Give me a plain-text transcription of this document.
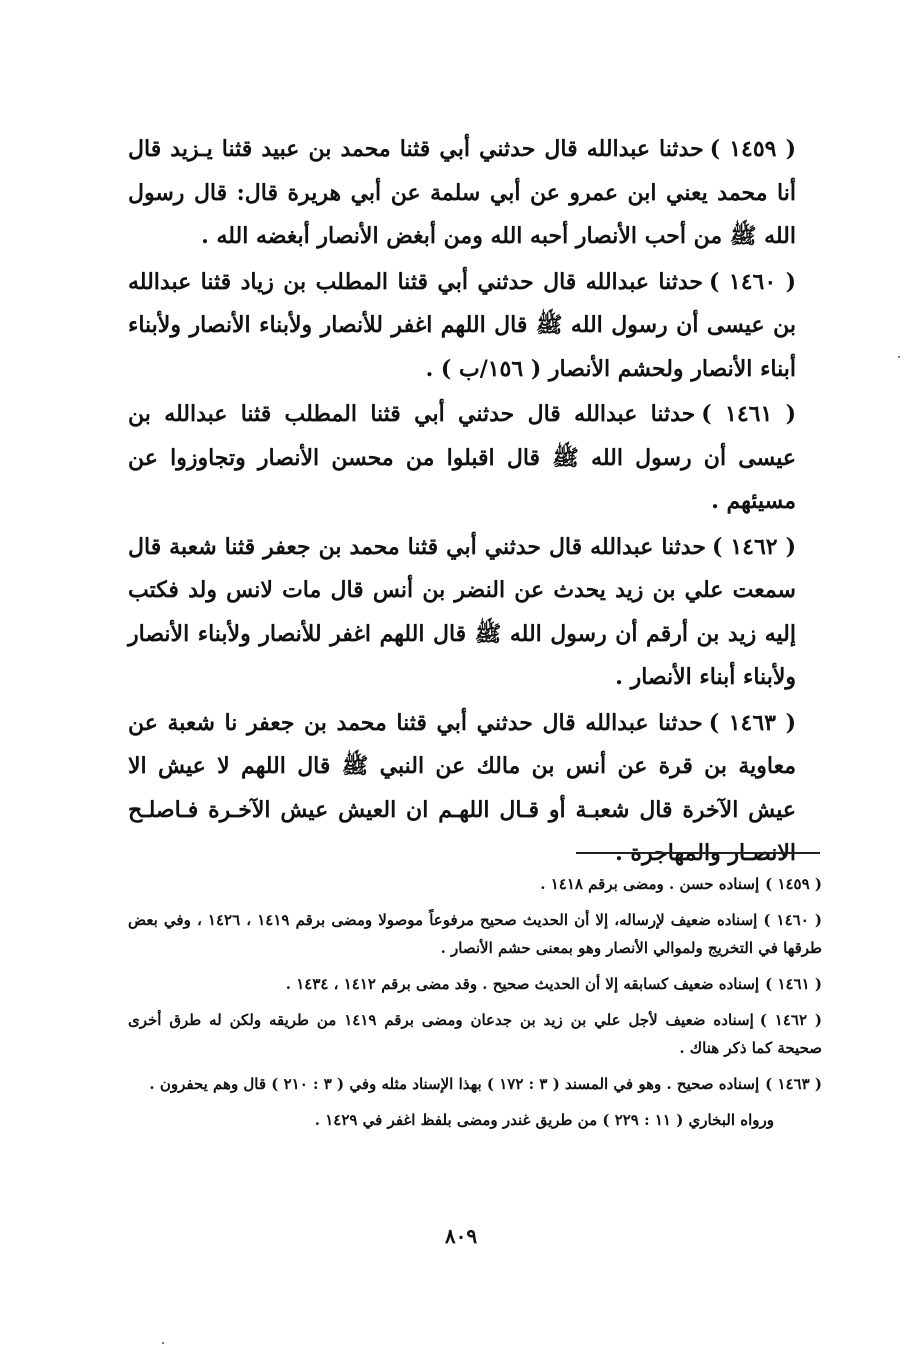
( ١٤٥٩ )حدثنا عبدالله قال حدثني أبي قثنا محمد بن عبيد قثنا يـزيد قال أنا محمد يعني ابن عمرو عن أبي سلمة عن أبي هريرة قال: قال رسول الله ﷺ من أحب الأنصار أحبه الله ومن أبغض الأنصار أبغضه الله .

( ١٤٦٠ )حدثنا عبدالله قال حدثني أبي قثنا المطلب بن زياد قثنا عبدالله بن عيسى أن رسول الله ﷺ قال اللهم اغفر للأنصار ولأبناء الأنصار ولأبناء أبناء الأنصار ولحشم الأنصار ( ١٥٦/ب ) .

( ١٤٦١ )حدثنا عبدالله قال حدثني أبي قثنا المطلب قثنا عبدالله بن عيسى أن رسول الله ﷺ قال اقبلوا من محسن الأنصار وتجاوزوا عن مسيئهم .

( ١٤٦٢ )حدثنا عبدالله قال حدثني أبي قثنا محمد بن جعفر قثنا شعبة قال سمعت علي بن زيد يحدث عن النضر بن أنس قال مات لانس ولد فكتب إليه زيد بن أرقم أن رسول الله ﷺ قال اللهم اغفر للأنصار ولأبناء الأنصار ولأبناء أبناء الأنصار .

( ١٤٦٣ )حدثنا عبدالله قال حدثني أبي قثنا محمد بن جعفر نا شعبة عن معاوية بن قرة عن أنس بن مالك عن النبي ﷺ قال اللهم لا عيش الا عيش الآخرة قال شعبـة أو قـال اللهـم ان العيش عيش الآخـرة فـاصلـح الانصـار والمهاجرة .

( ١٤٥٩ )إسناده حسن . ومضى برقم ١٤١٨ .

( ١٤٦٠ )إسناده ضعيف لإرساله، إلا أن الحديث صحيح مرفوعاً موصولا ومضى برقم ١٤١٩ ، ١٤٢٦ ، وفي بعض طرقها في التخريج ولموالي الأنصار وهو بمعنى حشم الأنصار .

( ١٤٦١ )إسناده ضعيف كسابقه إلا أن الحديث صحيح . وقد مضى برقم ١٤١٢ ، ١٤٣٤ .

( ١٤٦٢ )إسناده ضعيف لأجل علي بن زيد بن جدعان ومضى برقم ١٤١٩ من طريقه ولكن له طرق أخرى صحيحة كما ذكر هناك .

( ١٤٦٣ )إسناده صحيح . وهو في المسند ( ٣ : ١٧٢ ) بهذا الإسناد مثله وفي ( ٣ : ٢١٠ ) قال وهم يحفرون .

ورواه البخاري ( ١١ : ٢٢٩ ) من طريق غندر ومضى بلفظ اغفر في ١٤٢٩ .

٨٠٩
